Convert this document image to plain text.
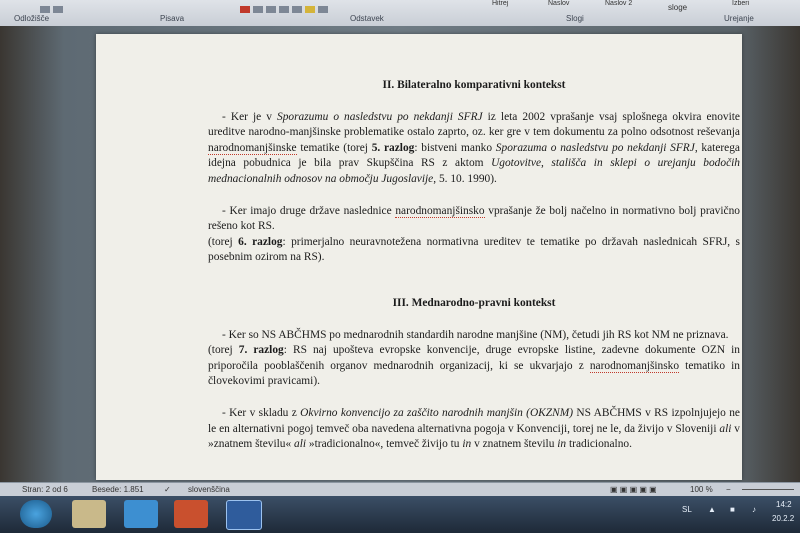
Hitrej	Naslov	Naslov 2	sloge	Izberi
Odložišče	Pisava	Odstavek	Slogi	Urejanje

II. Bilateralno komparativni kontekst

- Ker je v Sporazumu o nasledstvu po nekdanji SFRJ iz leta 2002 vprašanje vsaj splošnega okvira enovite ureditve narodno-manjšinske problematike ostalo zaprto, oz. ker gre v tem dokumentu za polno odsotnost reševanja narodnomanjšinske tematike (torej 5. razlog: bistveni manko Sporazuma o nasledstvu po nekdanji SFRJ, katerega idejna pobudnica je bila prav Skupščina RS z aktom Ugotovitve, stališča in sklepi o urejanju bodočih mednacionalnih odnosov na območju Jugoslavije, 5. 10. 1990).

- Ker imajo druge države naslednice narodnomanjšinsko vprašanje že bolj načelno in normativno bolj pravično rešeno kot RS.
(torej 6. razlog: primerjalno neuravnotežena normativna ureditev te tematike po državah naslednicah SFRJ, s posebnim ozirom na RS).

III. Mednarodno-pravni kontekst

- Ker so NS ABČHMS po mednarodnih standardih narodne manjšine (NM), četudi jih RS kot NM ne priznava.
(torej 7. razlog: RS naj upošteva evropske konvencije, druge evropske listine, zadevne dokumente OZN in priporočila pooblaščenih organov mednarodnih organizacij, ki se ukvarjajo z narodnomanjšinsko tematiko in človekovimi pravicami).

- Ker v skladu z Okvirno konvencijo za zaščito narodnih manjšin (OKZNM) NS ABČHMS v RS izpolnjujejo ne le en alternativni pogoj temveč oba navedena alternativna pogoja v Konvenciji, torej ne le, da živijo v Sloveniji ali v »znatnem številu« ali »tradicionalno«, temveč živijo tu in v znatnem številu in tradicionalno.

Stran: 2 od 6	Besede: 1.851	✓ slovenščina	▣ ▣ ▣ ▣ ▣	100 % −
SL ▲ ■ ♪
14:2
20.2.2
